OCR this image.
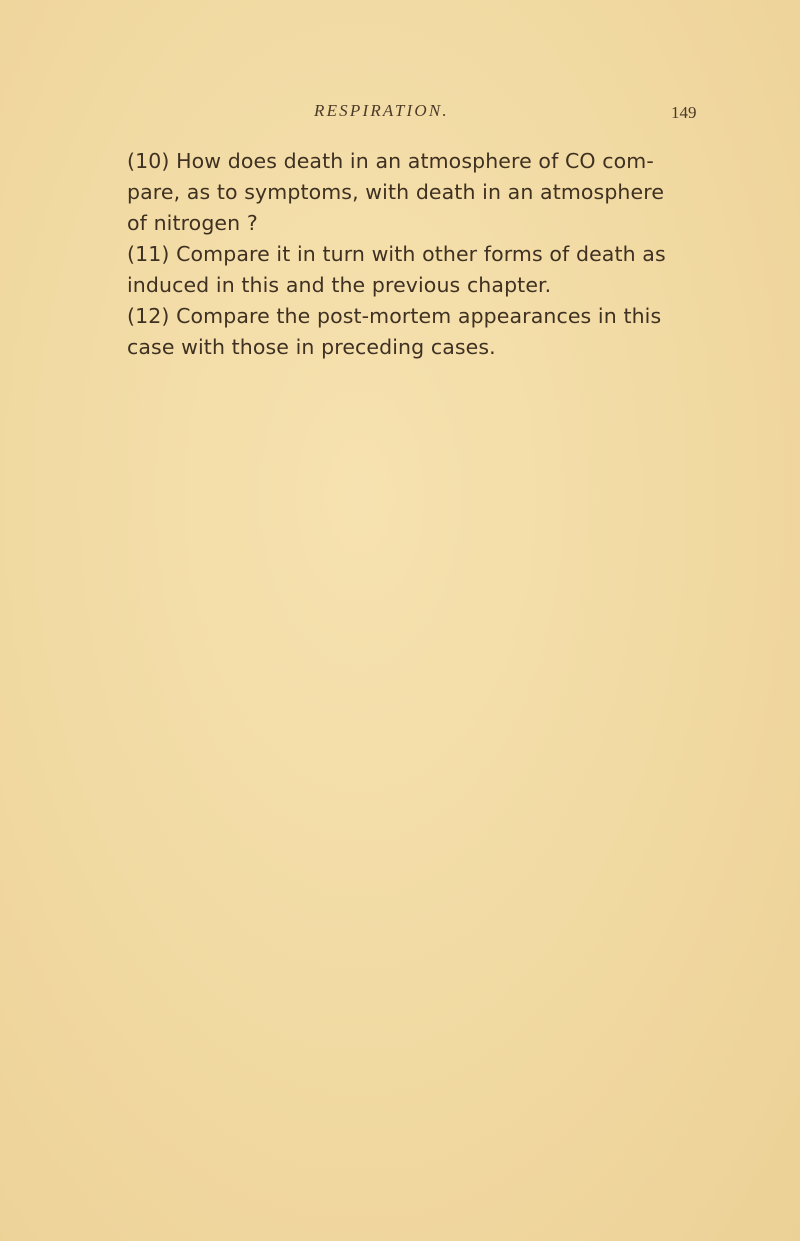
RESPIRATION.	149
(10) How does death in an atmosphere of CO com-
pare, as to symptoms, with death in an atmosphere
of nitrogen ?
(11) Compare it in turn with other forms of death as
induced in this and the previous chapter.
(12) Compare the post-mortem appearances in this
case with those in preceding cases.
